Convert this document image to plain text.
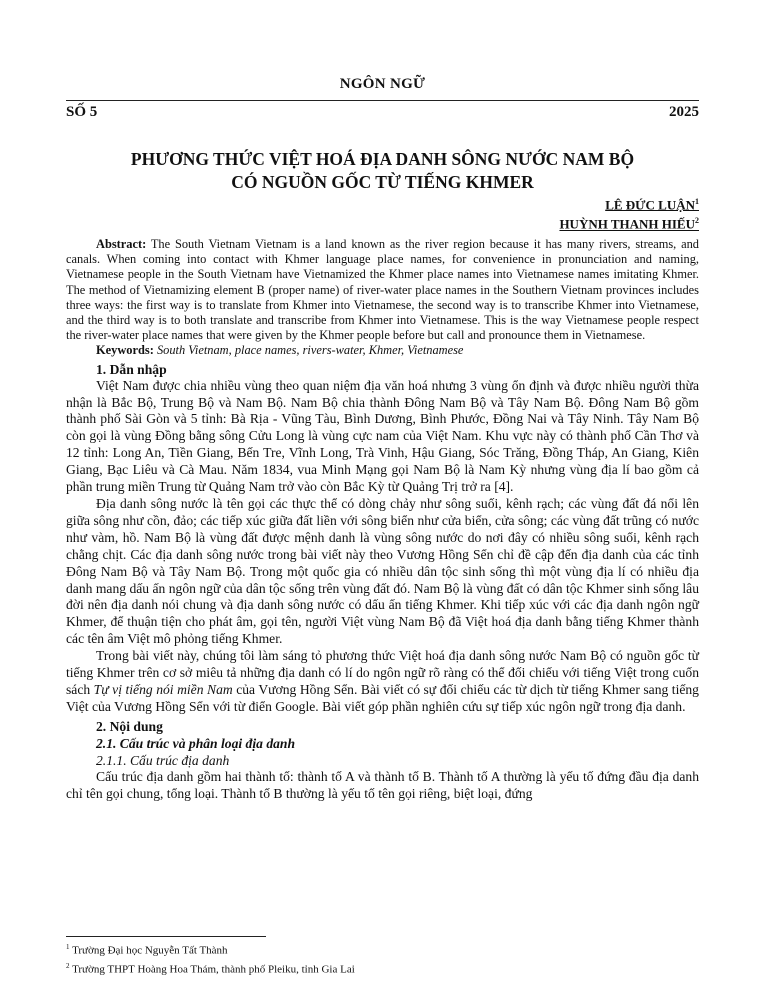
NGÔN NGỮ
SỐ 5	2025
PHƯƠNG THỨC VIỆT HOÁ ĐỊA DANH SÔNG NƯỚC NAM BỘ
CÓ NGUỒN GỐC TỪ TIẾNG KHMER
LÊ ĐỨC LUẬN$^1$
HUỲNH THANH HIẾU$^2$

Abstract: The South Vietnam Vietnam is a land known as the river region because it has many rivers, streams, and canals. When coming into contact with Khmer language place names, for convenience in pronunciation and naming, Vietnamese people in the South Vietnam have Vietnamized the Khmer place names into Vietnamese names imitating Khmer. The method of Vietnamizing element B (proper name) of river-water place names in the Southern Vietnam provinces includes three ways: the first way is to translate from Khmer into Vietnamese, the second way is to transcribe Khmer into Vietnamese, and the third way is to both translate and transcribe from Khmer into Vietnamese. This is the way Vietnamese people respect the river-water place names that were given by the Khmer people before but call and pronounce them in Vietnamese.

Keywords: South Vietnam, place names, rivers-water, Khmer, Vietnamese

1. Dẫn nhập

Việt Nam được chia nhiều vùng theo quan niệm địa văn hoá nhưng 3 vùng ổn định và được nhiều người thừa nhận là Bắc Bộ, Trung Bộ và Nam Bộ. Nam Bộ chia thành Đông Nam Bộ và Tây Nam Bộ. Đông Nam Bộ gồm thành phố Sài Gòn và 5 tỉnh: Bà Rịa - Vũng Tàu, Bình Dương, Bình Phước, Đồng Nai và Tây Ninh. Tây Nam Bộ còn gọi là vùng Đồng bằng sông Cửu Long là vùng cực nam của Việt Nam. Khu vực này có thành phố Cần Thơ và 12 tỉnh: Long An, Tiền Giang, Bến Tre, Vĩnh Long, Trà Vinh, Hậu Giang, Sóc Trăng, Đồng Tháp, An Giang, Kiên Giang, Bạc Liêu và Cà Mau. Năm 1834, vua Minh Mạng gọi Nam Bộ là Nam Kỳ nhưng vùng địa lí bao gồm cả phần trung miền Trung từ Quảng Nam trở vào còn Bắc Kỳ từ Quảng Trị trở ra [4].

Địa danh sông nước là tên gọi các thực thể có dòng chảy như sông suối, kênh rạch; các vùng đất đá nổi lên giữa sông như cồn, đảo; các tiếp xúc giữa đất liền với sông biển như cửa biển, cửa sông; các vùng đất trũng có nước như vàm, hồ. Nam Bộ là vùng đất được mệnh danh là vùng sông nước do nơi đây có nhiều sông suối, kênh rạch chằng chịt. Các địa danh sông nước trong bài viết này theo Vương Hồng Sển chỉ đề cập đến địa danh của các tỉnh Đông Nam Bộ và Tây Nam Bộ. Trong một quốc gia có nhiều dân tộc sinh sống thì một vùng địa lí có nhiều địa danh mang dấu ấn ngôn ngữ của dân tộc sống trên vùng đất đó. Nam Bộ là vùng đất có dân tộc Khmer sinh sống lâu đời nên địa danh nói chung và địa danh sông nước có dấu ấn tiếng Khmer. Khi tiếp xúc với các địa danh ngôn ngữ Khmer, để thuận tiện cho phát âm, gọi tên, người Việt vùng Nam Bộ đã Việt hoá địa danh bằng tiếng Khmer thành các tên âm Việt mô phỏng tiếng Khmer.

Trong bài viết này, chúng tôi làm sáng tỏ phương thức Việt hoá địa danh sông nước Nam Bộ có nguồn gốc từ tiếng Khmer trên cơ sở miêu tả những địa danh có lí do ngôn ngữ rõ ràng có thể đối chiếu với tiếng Việt trong cuốn sách Tự vị tiếng nói miền Nam của Vương Hồng Sển. Bài viết có sự đối chiếu các từ dịch từ tiếng Khmer sang tiếng Việt của Vương Hồng Sển với từ điển Google. Bài viết góp phần nghiên cứu sự tiếp xúc ngôn ngữ trong địa danh.

2. Nội dung

2.1. Cấu trúc và phân loại địa danh

2.1.1. Cấu trúc địa danh

Cấu trúc địa danh gồm hai thành tố: thành tố A và thành tố B. Thành tố A thường là yếu tố đứng đầu địa danh chỉ tên gọi chung, tổng loại. Thành tố B thường là yếu tố tên gọi riêng, biệt loại, đứng

$^1$ Trường Đại học Nguyễn Tất Thành
$^2$ Trường THPT Hoàng Hoa Thám, thành phố Pleiku, tỉnh Gia Lai
